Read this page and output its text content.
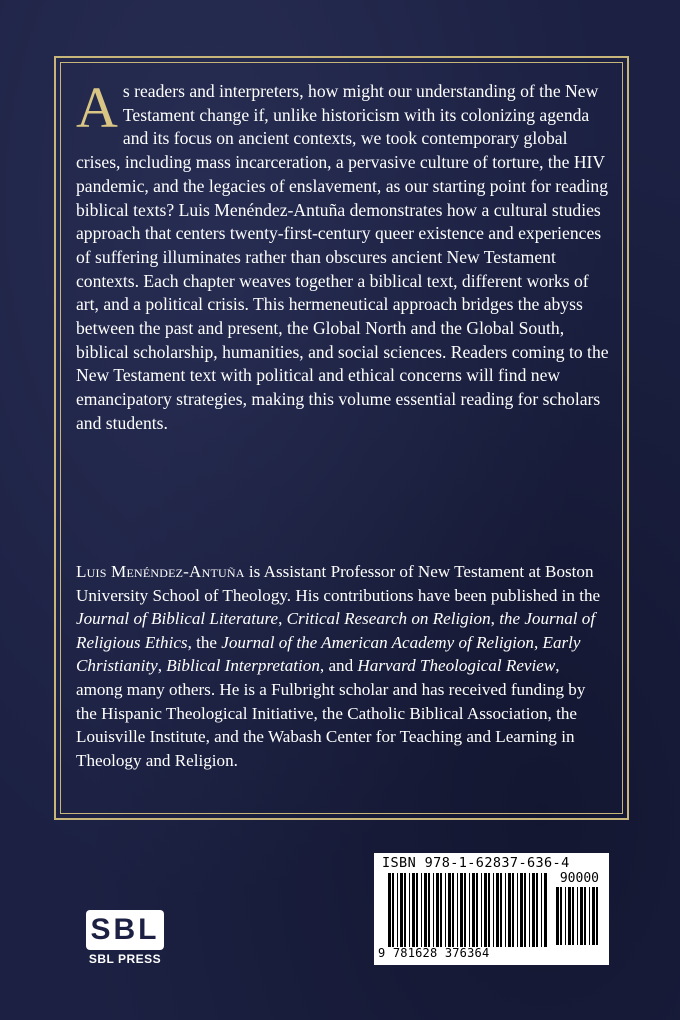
As readers and interpreters, how might our understanding of the New Testament change if, unlike historicism with its colonizing agenda and its focus on ancient contexts, we took contemporary global crises, including mass incarceration, a pervasive culture of torture, the HIV pandemic, and the legacies of enslavement, as our starting point for reading biblical texts? Luis Menéndez-Antuña demonstrates how a cultural studies approach that centers twenty-first-century queer existence and experiences of suffering illuminates rather than obscures ancient New Testament contexts. Each chapter weaves together a biblical text, different works of art, and a political crisis. This hermeneutical approach bridges the abyss between the past and present, the Global North and the Global South, biblical scholarship, humanities, and social sciences. Readers coming to the New Testament text with political and ethical concerns will find new emancipatory strategies, making this volume essential reading for scholars and students.

Luis Menéndez-Antuña is Assistant Professor of New Testament at Boston University School of Theology. His contributions have been published in the Journal of Biblical Literature, Critical Research on Religion, the Journal of Religious Ethics, the Journal of the American Academy of Religion, Early Christianity, Biblical Interpretation, and Harvard Theological Review, among many others. He is a Fulbright scholar and has received funding by the Hispanic Theological Initiative, the Catholic Biblical Association, the Louisville Institute, and the Wabash Center for Teaching and Learning in Theology and Religion.

SBL
SBL PRESS
ISBN 978-1-62837-636-4
90000
9 781628 376364
